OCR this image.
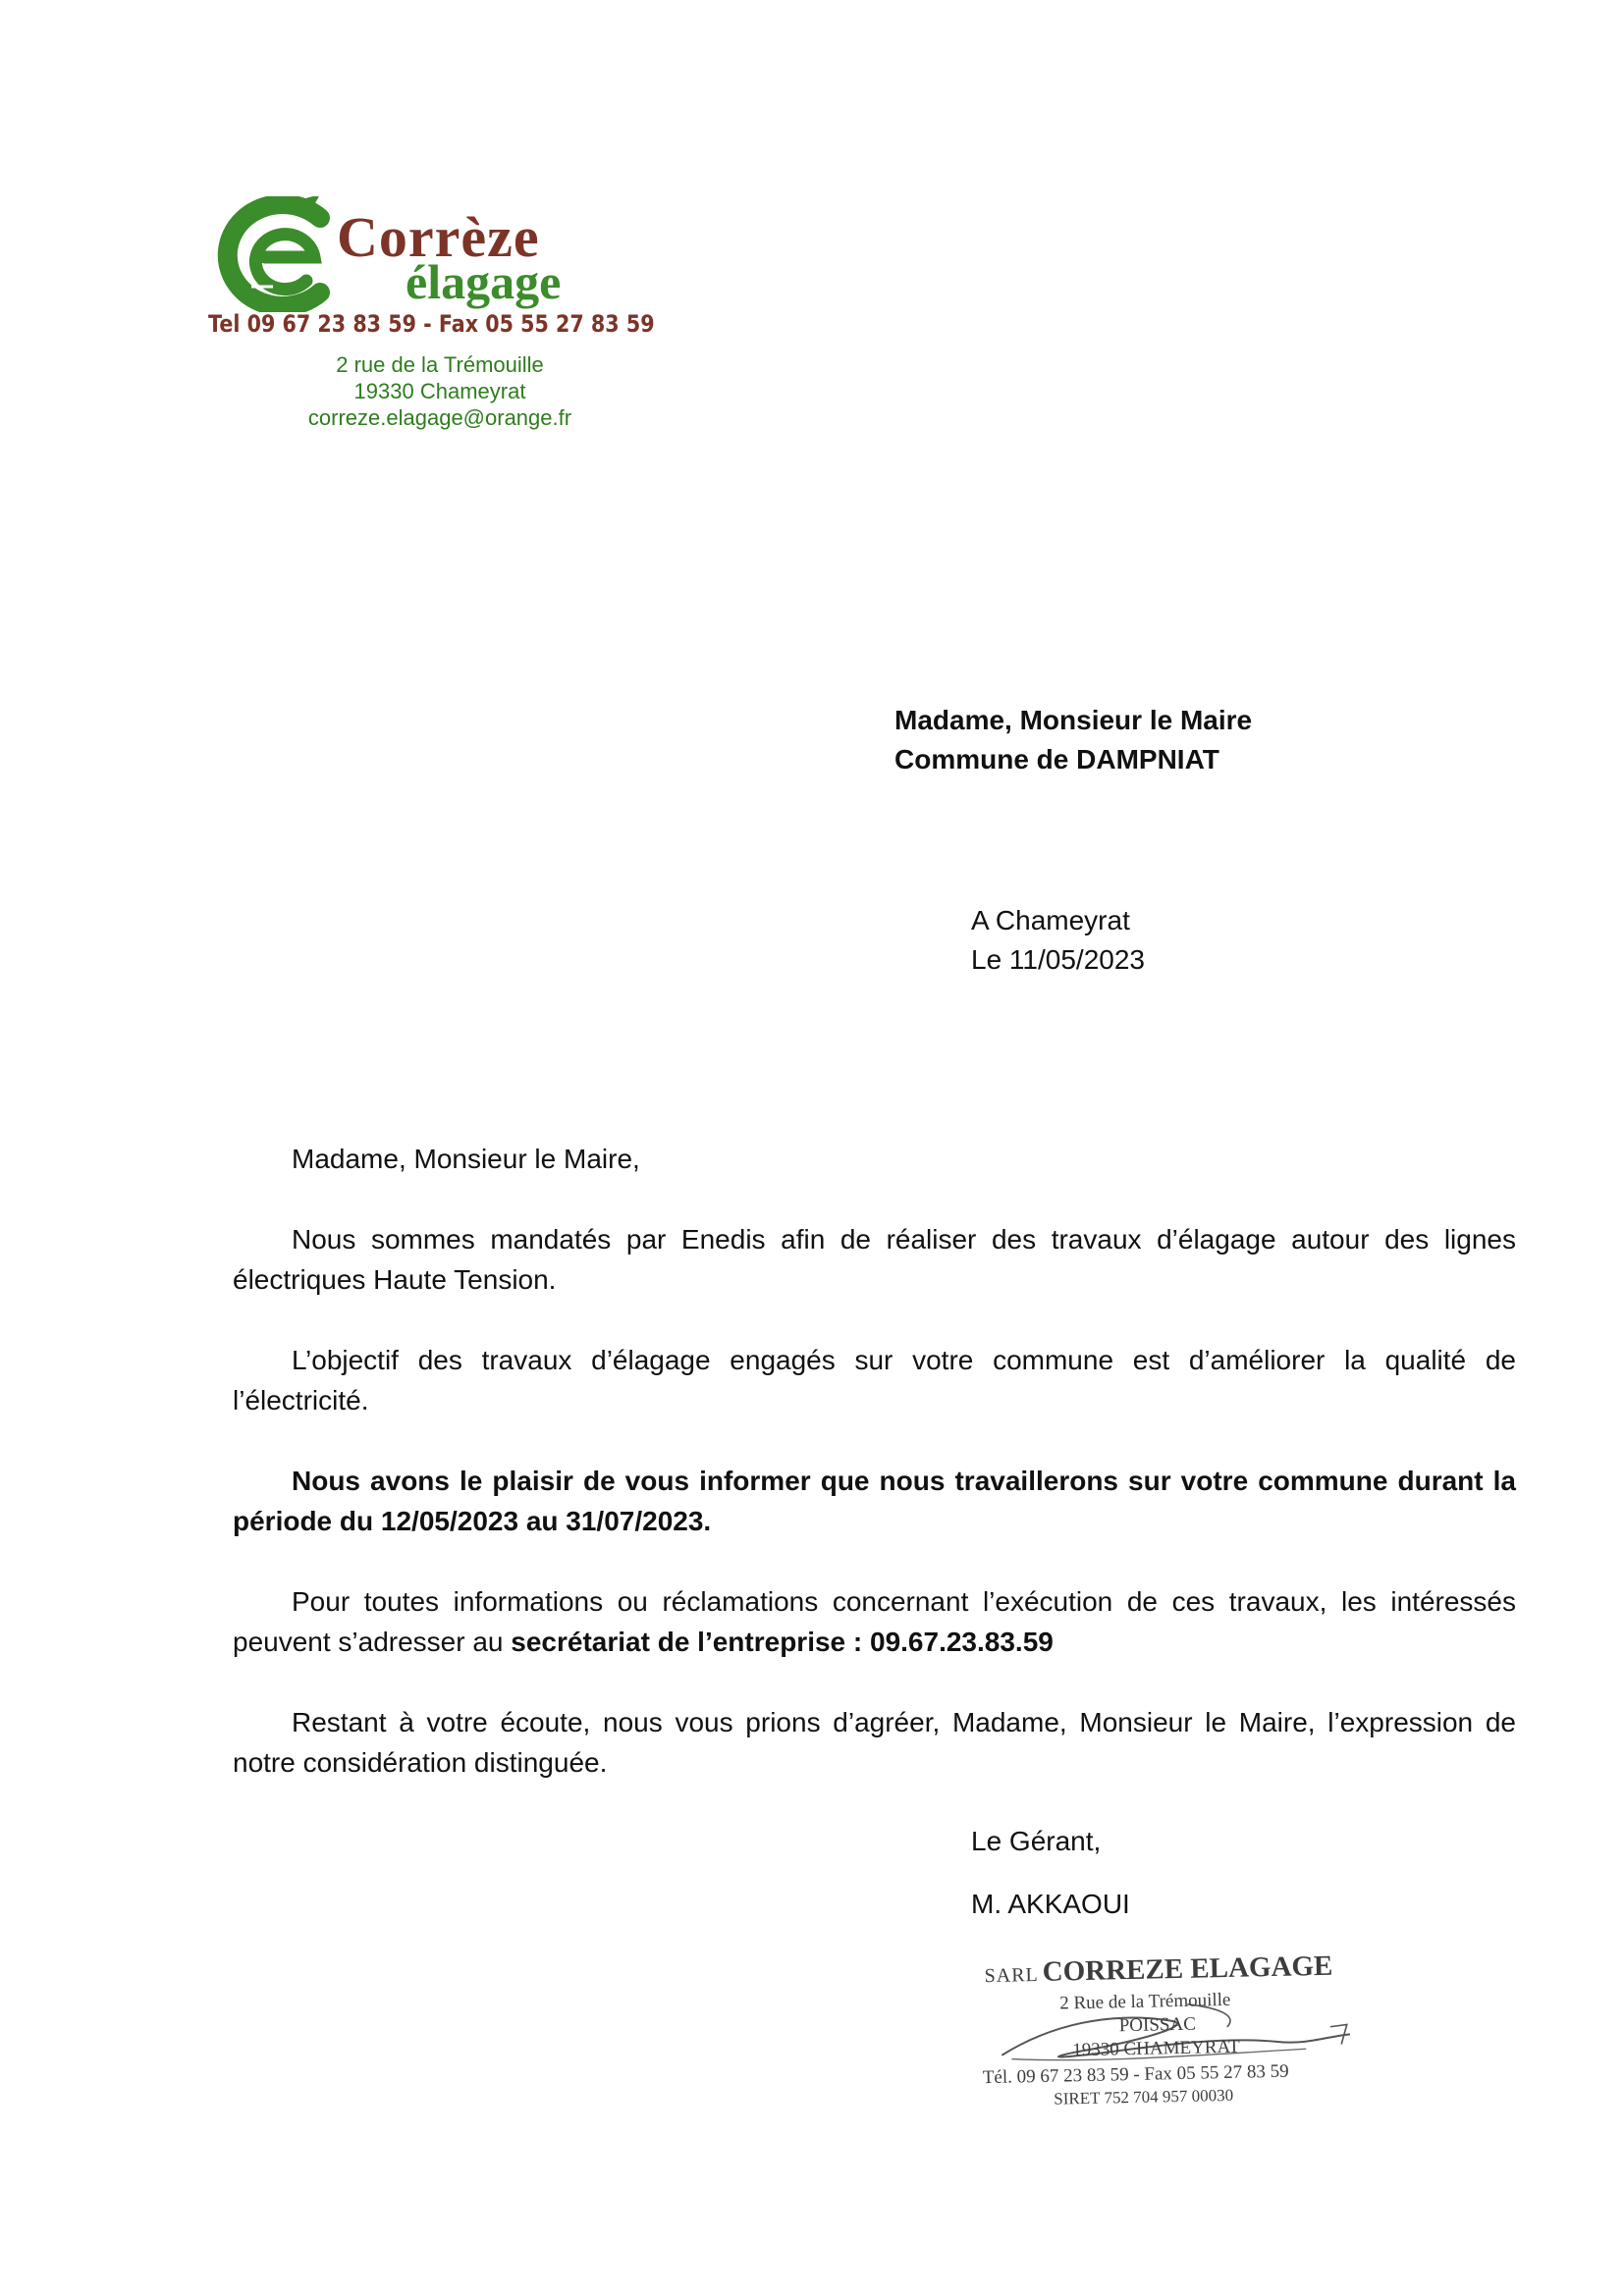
Corrèze
élagage
Tel 09 67 23 83 59 - Fax 05 55 27 83 59
2 rue de la Trémouille
19330 Chameyrat
correze.elagage@orange.fr
Madame, Monsieur le Maire
Commune de DAMPNIAT
A Chameyrat
Le 11/05/2023

Madame, Monsieur le Maire,

Nous sommes mandatés par Enedis afin de réaliser des travaux d’élagage autour des lignes électriques Haute Tension.

L’objectif des travaux d’élagage engagés sur votre commune est d’améliorer la qualité de l’électricité.

Nous avons le plaisir de vous informer que nous travaillerons sur votre commune durant la période du 12/05/2023 au 31/07/2023.

Pour toutes informations ou réclamations concernant l’exécution de ces travaux, les intéressés peuvent s’adresser au secrétariat de l’entreprise : 09.67.23.83.59

Restant à votre écoute, nous vous prions d’agréer, Madame, Monsieur le Maire, l’expression de notre considération distinguée.

Le Gérant,
M. AKKAOUI
SARL CORREZE ELAGAGE
2 Rue de la Trémouille
POISSAC
19330 CHAMEYRAT
Tél. 09 67 23 83 59 - Fax 05 55 27 83 59
SIRET 752 704 957 00030
